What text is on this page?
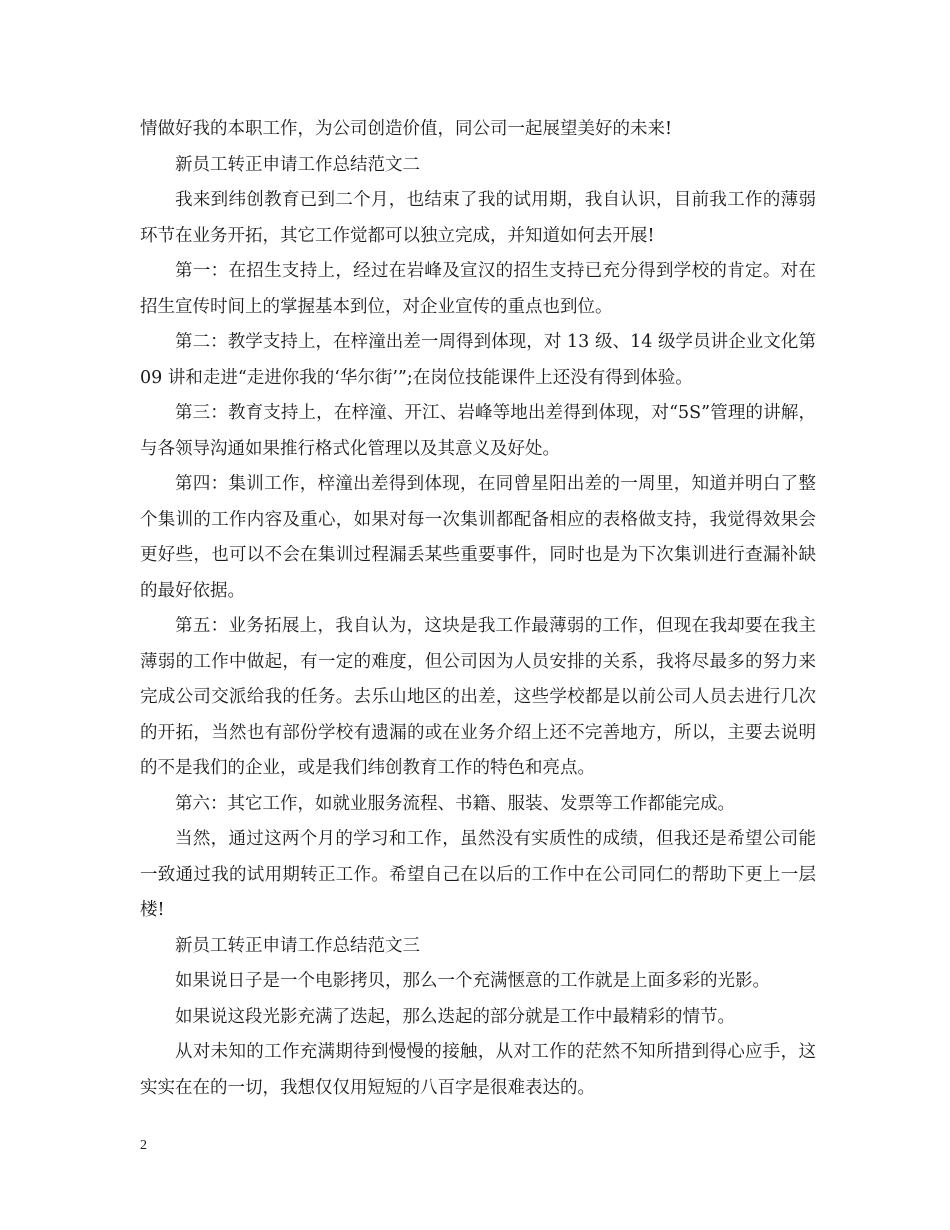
情做好我的本职工作，为公司创造价值，同公司一起展望美好的未来!

新员工转正申请工作总结范文二

我来到纬创教育已到二个月，也结束了我的试用期，我自认识，目前我工作的薄弱环节在业务开拓，其它工作觉都可以独立完成，并知道如何去开展!

第一：在招生支持上，经过在岩峰及宣汉的招生支持已充分得到学校的肯定。对在招生宣传时间上的掌握基本到位，对企业宣传的重点也到位。

第二：教学支持上，在梓潼出差一周得到体现，对 13 级、14 级学员讲企业文化第 09 讲和走进“走进你我的‘华尔街’”;在岗位技能课件上还没有得到体验。

第三：教育支持上，在梓潼、开江、岩峰等地出差得到体现，对“5S”管理的讲解，与各领导沟通如果推行格式化管理以及其意义及好处。

第四：集训工作，梓潼出差得到体现，在同曾星阳出差的一周里，知道并明白了整个集训的工作内容及重心，如果对每一次集训都配备相应的表格做支持，我觉得效果会更好些，也可以不会在集训过程漏丢某些重要事件，同时也是为下次集训进行查漏补缺的最好依据。

第五：业务拓展上，我自认为，这块是我工作最薄弱的工作，但现在我却要在我主薄弱的工作中做起，有一定的难度，但公司因为人员安排的关系，我将尽最多的努力来完成公司交派给我的任务。去乐山地区的出差，这些学校都是以前公司人员去进行几次的开拓，当然也有部份学校有遗漏的或在业务介绍上还不完善地方，所以，主要去说明的不是我们的企业，或是我们纬创教育工作的特色和亮点。

第六：其它工作，如就业服务流程、书籍、服装、发票等工作都能完成。

当然，通过这两个月的学习和工作，虽然没有实质性的成绩，但我还是希望公司能一致通过我的试用期转正工作。希望自己在以后的工作中在公司同仁的帮助下更上一层楼!

新员工转正申请工作总结范文三

如果说日子是一个电影拷贝，那么一个充满惬意的工作就是上面多彩的光影。

如果说这段光影充满了迭起，那么迭起的部分就是工作中最精彩的情节。

从对未知的工作充满期待到慢慢的接触，从对工作的茫然不知所措到得心应手，这实实在在的一切，我想仅仅用短短的八百字是很难表达的。

2
